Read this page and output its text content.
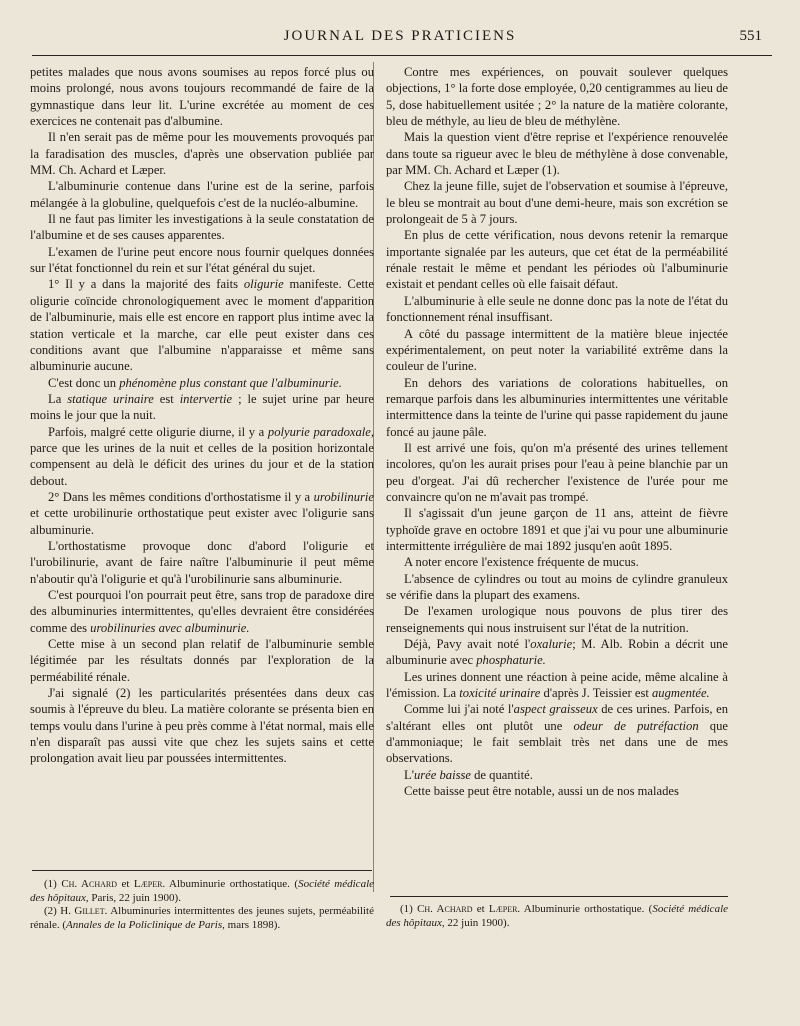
JOURNAL DES PRATICIENS	551

petites malades que nous avons soumises au repos forcé plus ou moins prolongé, nous avons toujours recommandé de faire de la gymnastique dans leur lit. L'urine excrétée au moment de ces exercices ne contenait pas d'albumine.

Il n'en serait pas de même pour les mouvements provoqués par la faradisation des muscles, d'après une observation publiée par MM. Ch. Achard et Læper.

L'albuminurie contenue dans l'urine est de la serine, parfois mélangée à la globuline, quelquefois c'est de la nucléo-albumine.

Il ne faut pas limiter les investigations à la seule constatation de l'albumine et de ses causes apparentes.

L'examen de l'urine peut encore nous fournir quelques données sur l'état fonctionnel du rein et sur l'état général du sujet.

1° Il y a dans la majorité des faits oligurie manifeste. Cette oligurie coïncide chronologiquement avec le moment d'apparition de l'albuminurie, mais elle est encore en rapport plus intime avec la station verticale et la marche, car elle peut exister dans ces conditions avant que l'albumine n'apparaisse et même sans albuminurie aucune.

C'est donc un phénomène plus constant que l'albuminurie.

La statique urinaire est intervertie ; le sujet urine par heure moins le jour que la nuit.

Parfois, malgré cette oligurie diurne, il y a polyurie paradoxale, parce que les urines de la nuit et celles de la position horizontale compensent au delà le déficit des urines du jour et de la station debout.

2° Dans les mêmes conditions d'orthostatisme il y a urobilinurie et cette urobilinurie orthostatique peut exister avec l'oligurie sans albuminurie.

L'orthostatisme provoque donc d'abord l'oligurie et l'urobilinurie, avant de faire naître l'albuminurie il peut même n'aboutir qu'à l'oligurie et qu'à l'urobilinurie sans albuminurie.

C'est pourquoi l'on pourrait peut être, sans trop de paradoxe dire des albuminuries intermittentes, qu'elles devraient être considérées comme des urobilinuries avec albuminurie.

Cette mise à un second plan relatif de l'albuminurie semble légitimée par les résultats donnés par l'exploration de la perméabilité rénale.

J'ai signalé (2) les particularités présentées dans deux cas soumis à l'épreuve du bleu. La matière colorante se présenta bien en temps voulu dans l'urine à peu près comme à l'état normal, mais elle n'en disparaît pas aussi vite que chez les sujets sains et cette prolongation avait lieu par poussées intermittentes.

(1) Ch. Achard et Læper. Albuminurie orthostatique. (Société médicale des hôpitaux, Paris, 22 juin 1900).

(2) H. Gillet. Albuminuries intermittentes des jeunes sujets, perméabilité rénale. (Annales de la Policlinique de Paris, mars 1898).

Contre mes expériences, on pouvait soulever quelques objections, 1° la forte dose employée, 0,20 centigrammes au lieu de 5, dose habituellement usitée ; 2° la nature de la matière colorante, bleu de méthyle, au lieu de bleu de méthylène.

Mais la question vient d'être reprise et l'expérience renouvelée dans toute sa rigueur avec le bleu de méthylène à dose convenable, par MM. Ch. Achard et Læper (1).

Chez la jeune fille, sujet de l'observation et soumise à l'épreuve, le bleu se montrait au bout d'une demi-heure, mais son excrétion se prolongeait de 5 à 7 jours.

En plus de cette vérification, nous devons retenir la remarque importante signalée par les auteurs, que cet état de la perméabilité rénale restait le même et pendant les périodes où l'albuminurie existait et pendant celles où elle faisait défaut.

L'albuminurie à elle seule ne donne donc pas la note de l'état du fonctionnement rénal insuffisant.

A côté du passage intermittent de la matière bleue injectée expérimentalement, on peut noter la variabilité extrême dans la couleur de l'urine.

En dehors des variations de colorations habituelles, on remarque parfois dans les albuminuries intermittentes une véritable intermittence dans la teinte de l'urine qui passe rapidement du jaune foncé au jaune pâle.

Il est arrivé une fois, qu'on m'a présenté des urines tellement incolores, qu'on les aurait prises pour l'eau à peine blanchie par un peu d'orgeat. J'ai dû rechercher l'existence de l'urée pour me convaincre qu'on ne m'avait pas trompé.

Il s'agissait d'un jeune garçon de 11 ans, atteint de fièvre typhoïde grave en octobre 1891 et que j'ai vu pour une albuminurie intermittente irrégulière de mai 1892 jusqu'en août 1895.

A noter encore l'existence fréquente de mucus.

L'absence de cylindres ou tout au moins de cylindre granuleux se vérifie dans la plupart des examens.

De l'examen urologique nous pouvons de plus tirer des renseignements qui nous instruisent sur l'état de la nutrition.

Déjà, Pavy avait noté l'oxalurie; M. Alb. Robin a décrit une albuminurie avec phosphaturie.

Les urines donnent une réaction à peine acide, même alcaline à l'émission. La toxicité urinaire d'après J. Teissier est augmentée.

Comme lui j'ai noté l'aspect graisseux de ces urines. Parfois, en s'altérant elles ont plutôt une odeur de putréfaction que d'ammoniaque; le fait semblait très net dans une de mes observations.

L'urée baisse de quantité.

Cette baisse peut être notable, aussi un de nos malades

(1) Ch. Achard et Læper. Albuminurie orthostatique. (Société médicale des hôpitaux, 22 juin 1900).
